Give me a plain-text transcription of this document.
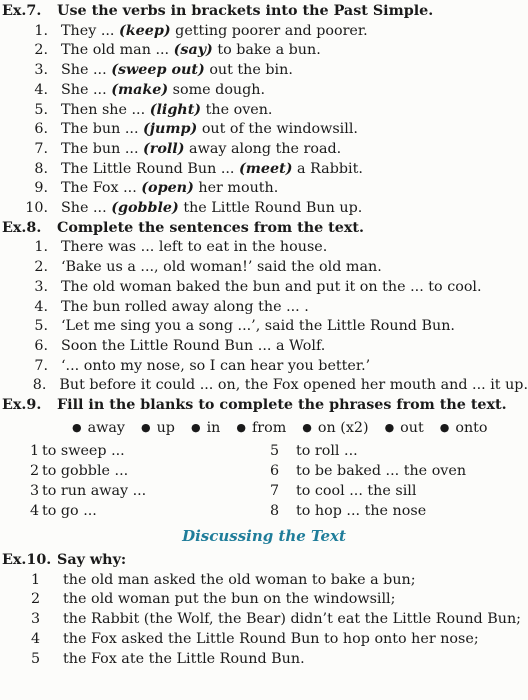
Ex.7.	Use the verbs in brackets into the Past Simple.
1. They ... (keep) getting poorer and poorer.
2. The old man ... (say) to bake a bun.
3. She ... (sweep out) out the bin.
4. She ... (make) some dough.
5. Then she ... (light) the oven.
6. The bun ... (jump) out of the windowsill.
7. The bun ... (roll) away along the road.
8. The Little Round Bun ... (meet) a Rabbit.
9. The Fox ... (open) her mouth.
10. She ... (gobble) the Little Round Bun up.
Ex.8.	Complete the sentences from the text.
1. There was ... left to eat in the house.
2. ‘Bake us a ..., old woman!’ said the old man.
3. The old woman baked the bun and put it on the ... to cool.
4. The bun rolled away along the ... .
5. ‘Let me sing you a song ...’, said the Little Round Bun.
6. Soon the Little Round Bun ... a Wolf.
7. ‘... onto my nose, so I can hear you better.’
8. But before it could ... on, the Fox opened her mouth and ... it up.
Ex.9.	Fill in the blanks to complete the phrases from the text.
● away ● up ● in ● from ● on (x2) ● out ● onto
1 to sweep ...
2 to gobble ...
3 to run away ...
4 to go ...
5	to roll ...
6	to be baked ... the oven
7	to cool ... the sill
8	to hop ... the nose
Discussing the Text
Ex.10. Say why:
1	the old man asked the old woman to bake a bun;
2	the old woman put the bun on the windowsill;
3	the Rabbit (the Wolf, the Bear) didn’t eat the Little Round Bun;
4	the Fox asked the Little Round Bun to hop onto her nose;
5	the Fox ate the Little Round Bun.
